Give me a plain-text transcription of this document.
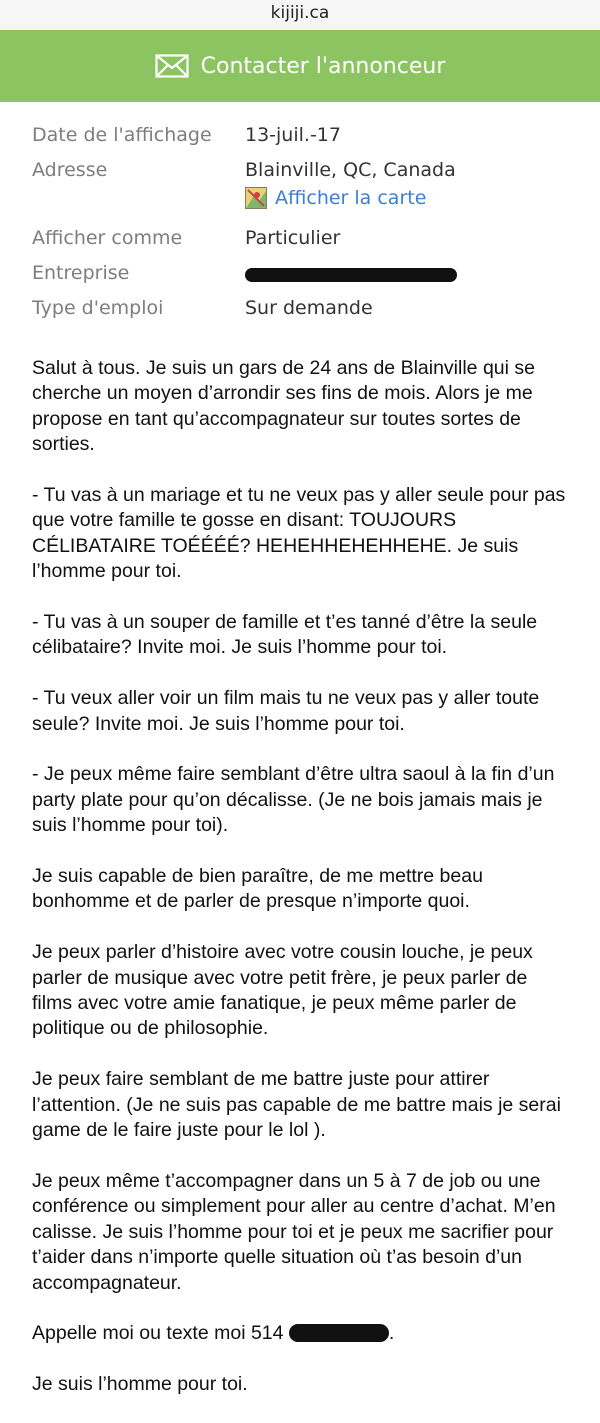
kijiji.ca
Contacter l'annonceur
Date de l'affichage	13-juil.-17
Adresse	Blainville, QC, Canada
Afficher la carte
Afficher comme	Particulier
Entreprise
Type d'emploi	Sur demande

Salut à tous. Je suis un gars de 24 ans de Blainville qui se cherche un moyen d’arrondir ses fins de mois. Alors je me propose en tant qu’accompagnateur sur toutes sortes de sorties.

- Tu vas à un mariage et tu ne veux pas y aller seule pour pas que votre famille te gosse en disant: TOUJOURS CÉLIBATAIRE TOÉÉÉÉ? HEHEHHEHEHHEHE. Je suis l’homme pour toi.

- Tu vas à un souper de famille et t’es tanné d’être la seule célibataire? Invite moi. Je suis l’homme pour toi.

- Tu veux aller voir un film mais tu ne veux pas y aller toute seule? Invite moi. Je suis l’homme pour toi.

- Je peux même faire semblant d’être ultra saoul à la fin d’un party plate pour qu’on décalisse. (Je ne bois jamais mais je suis l’homme pour toi).

Je suis capable de bien paraître, de me mettre beau bonhomme et de parler de presque n’importe quoi.

Je peux parler d’histoire avec votre cousin louche, je peux parler de musique avec votre petit frère, je peux parler de films avec votre amie fanatique, je peux même parler de politique ou de philosophie.

Je peux faire semblant de me battre juste pour attirer l’attention. (Je ne suis pas capable de me battre mais je serai game de le faire juste pour le lol ).

Je peux même t’accompagner dans un 5 à 7 de job ou une conférence ou simplement pour aller au centre d’achat. M’en calisse. Je suis l’homme pour toi et je peux me sacrifier pour t’aider dans n’importe quelle situation où t’as besoin d’un accompagnateur.

Appelle moi ou texte moi 514	.

Je suis l’homme pour toi.
